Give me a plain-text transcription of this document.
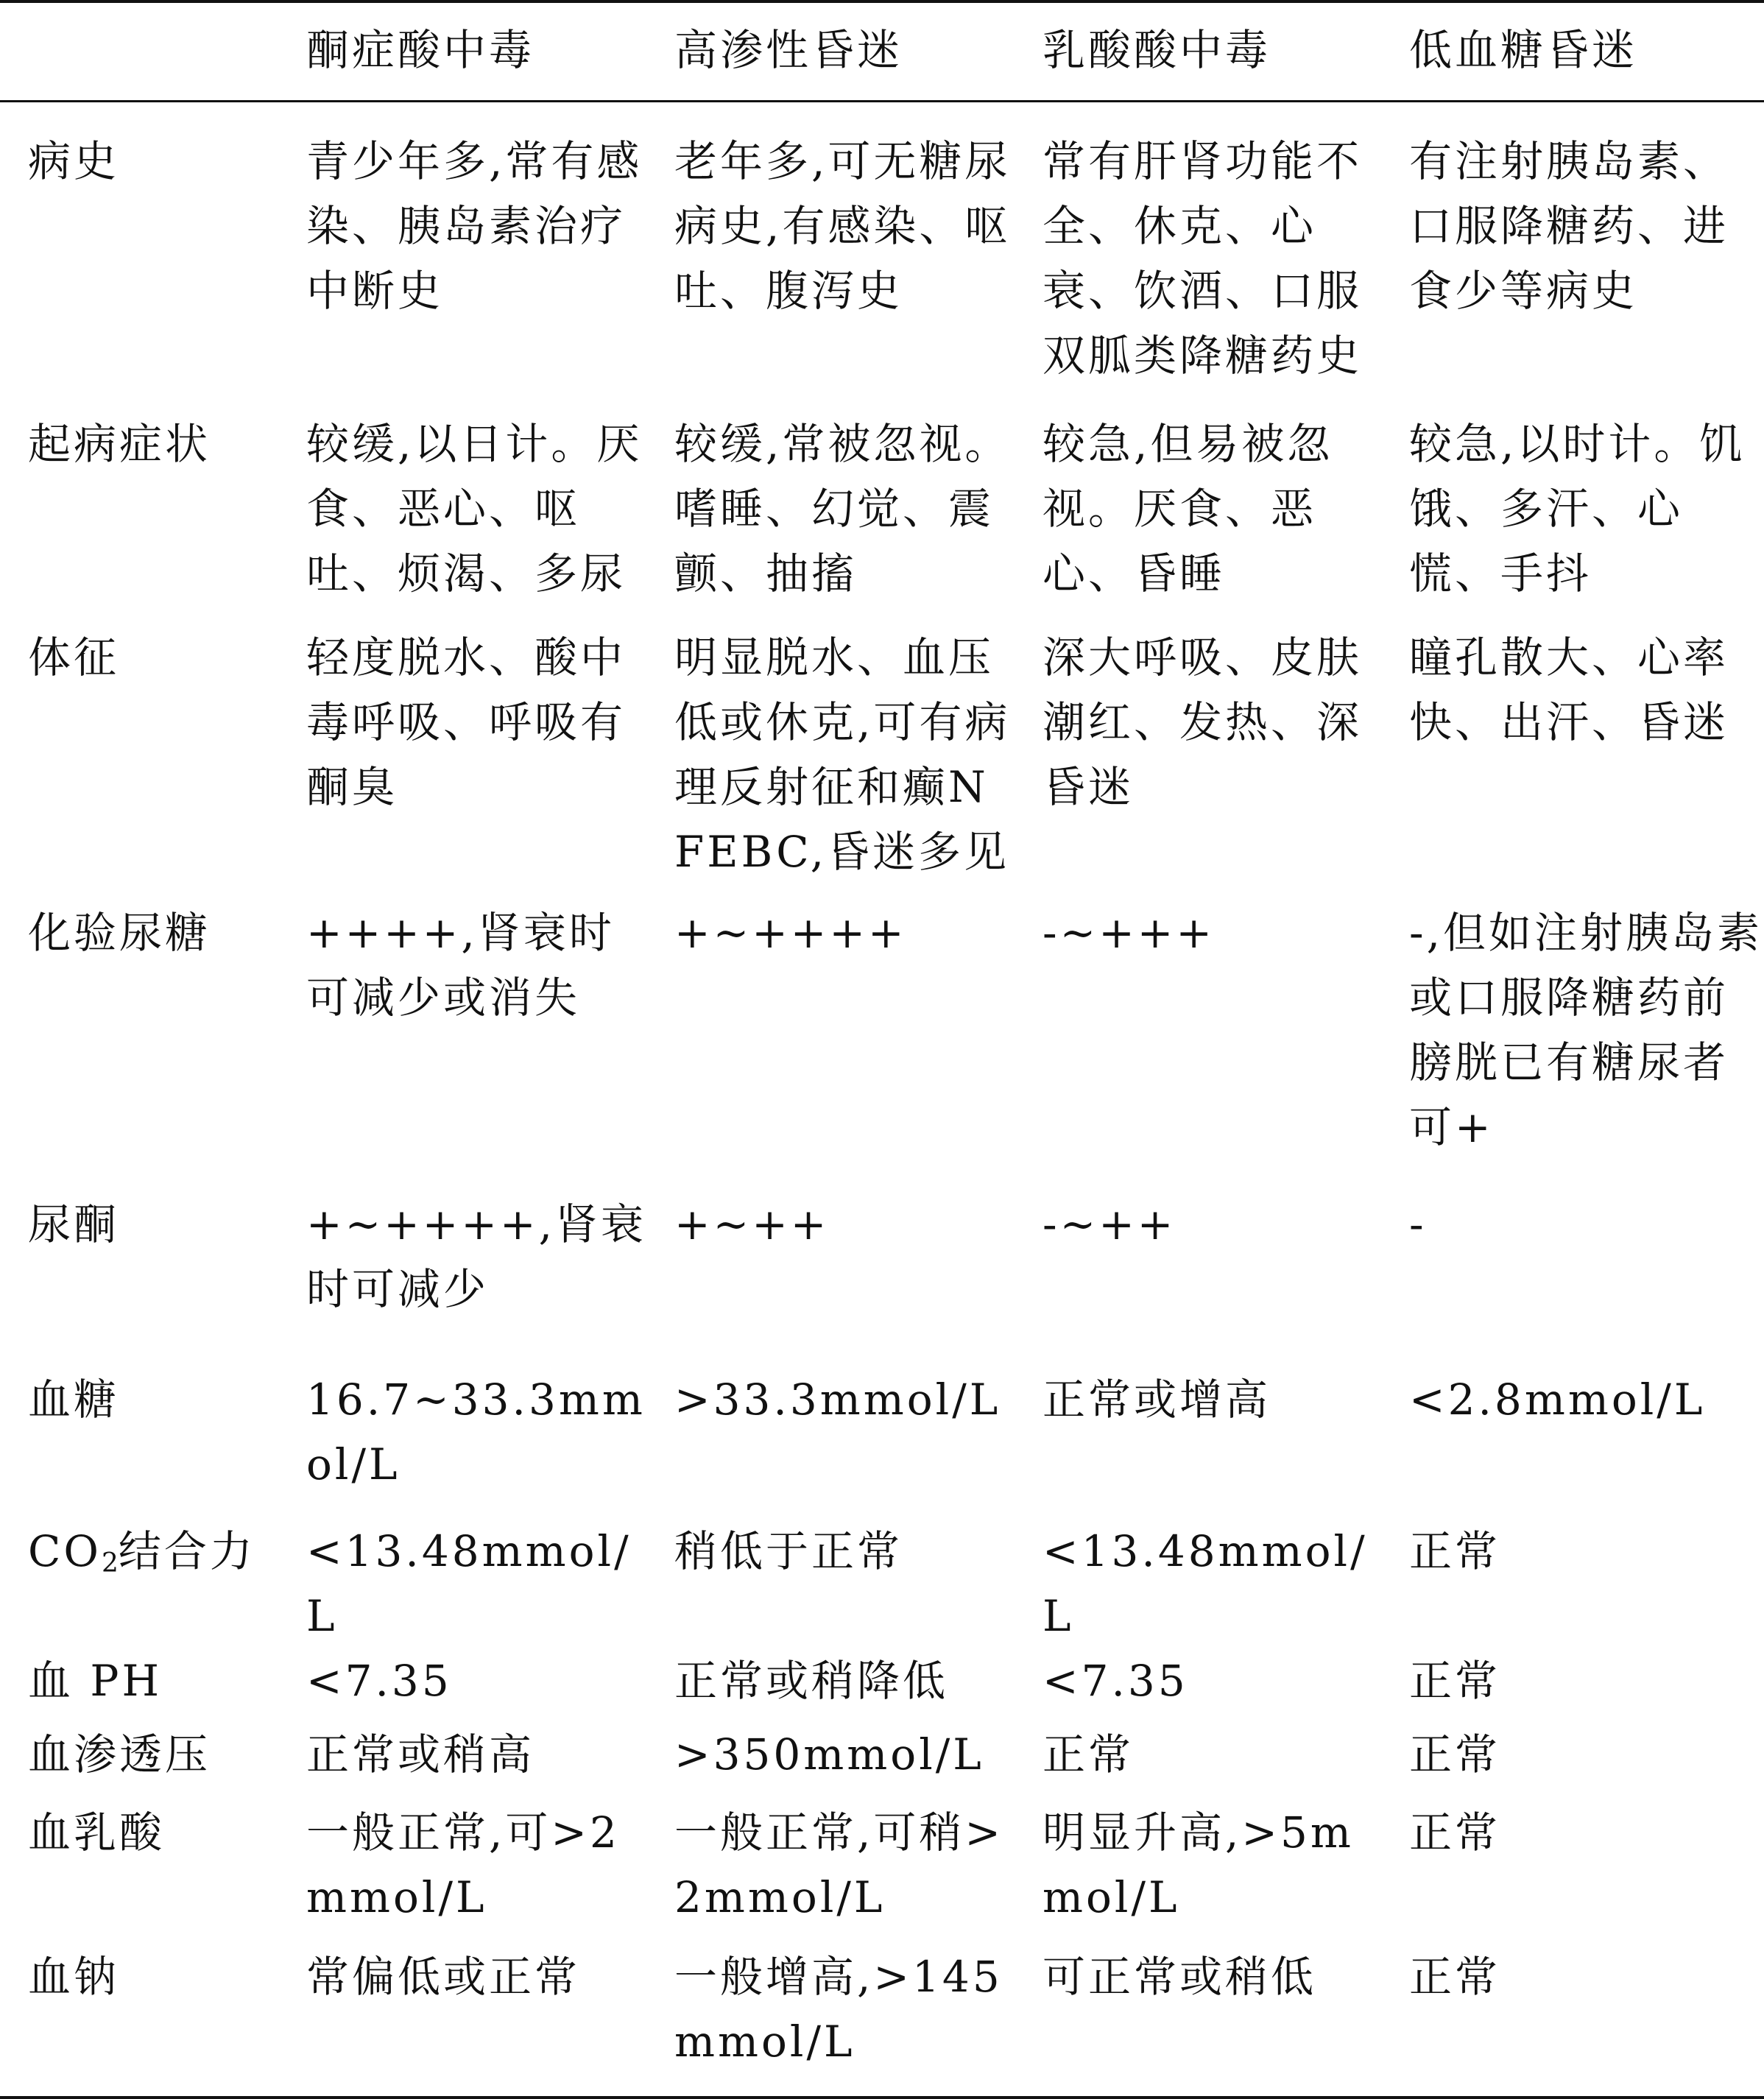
	酮症酸中毒	高渗性昏迷	乳酸酸中毒	低血糖昏迷
病史	青少年多,常有感染、胰岛素治疗中断史	老年多,可无糖尿病史,有感染、呕吐、腹泻史	常有肝肾功能不全、休克、心衰、饮酒、口服双胍类降糖药史	有注射胰岛素、口服降糖药、进食少等病史
起病症状	较缓,以日计。厌食、恶心、呕吐、烦渴、多尿	较缓,常被忽视。嗜睡、幻觉、震颤、抽搐	较急,但易被忽视。厌食、恶心、昏睡	较急,以时计。饥饿、多汗、心慌、手抖
体征	轻度脱水、酸中毒呼吸、呼吸有酮臭	明显脱水、血压低或休克,可有病理反射征和癫NFEBC,昏迷多见	深大呼吸、皮肤潮红、发热、深昏迷	瞳孔散大、心率快、出汗、昏迷
化验尿糖	++++,肾衰时可减少或消失	+~++++	-~+++	-,但如注射胰岛素或口服降糖药前膀胱已有糖尿者可+
尿酮	+~++++,肾衰时可减少	+~++	-~++	-
血糖	16.7~33.3mmol/L	>33.3mmol/L	正常或增高	<2.8mmol/L
$CO_2$结合力	<13.48mmol/L	稍低于正常	<13.48mmol/L	正常
血 PH	<7.35	正常或稍降低	<7.35	正常
血渗透压	正常或稍高	>350mmol/L	正常	正常
血乳酸	一般正常,可>2mmol/L	一般正常,可稍>2mmol/L	明显升高,>5mmol/L	正常
血钠	常偏低或正常	一般增高,>145mmol/L	可正常或稍低	正常
